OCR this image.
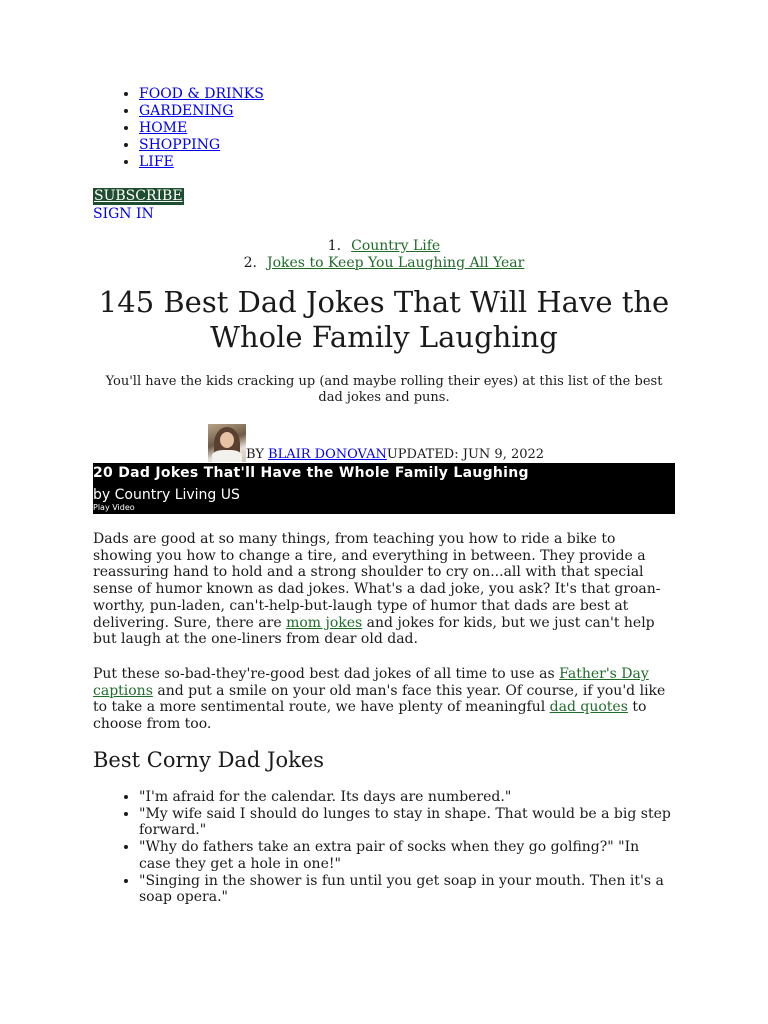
• FOOD & DRINKS
• GARDENING
• HOME
• SHOPPING
• LIFE
SUBSCRIBE
SIGN IN
1. Country Life
2. Jokes to Keep You Laughing All Year
145 Best Dad Jokes That Will Have the Whole Family Laughing

You'll have the kids cracking up (and maybe rolling their eyes) at this list of the best dad jokes and puns.

BY BLAIR DONOVAN UPDATED: JUN 9, 2022
20 Dad Jokes That'll Have the Whole Family Laughing
by Country Living US
Play Video

Dads are good at so many things, from teaching you how to ride a bike to showing you how to change a tire, and everything in between. They provide a reassuring hand to hold and a strong shoulder to cry on...all with that special sense of humor known as dad jokes. What's a dad joke, you ask? It's that groan-worthy, pun-laden, can't-help-but-laugh type of humor that dads are best at delivering. Sure, there are mom jokes and jokes for kids, but we just can't help but laugh at the one-liners from dear old dad.

Put these so-bad-they're-good best dad jokes of all time to use as Father's Day captions and put a smile on your old man's face this year. Of course, if you'd like to take a more sentimental route, we have plenty of meaningful dad quotes to choose from too.

Best Corny Dad Jokes
• "I'm afraid for the calendar. Its days are numbered."
• "My wife said I should do lunges to stay in shape. That would be a big step forward."
• "Why do fathers take an extra pair of socks when they go golfing?" "In case they get a hole in one!"
• "Singing in the shower is fun until you get soap in your mouth. Then it's a soap opera."
